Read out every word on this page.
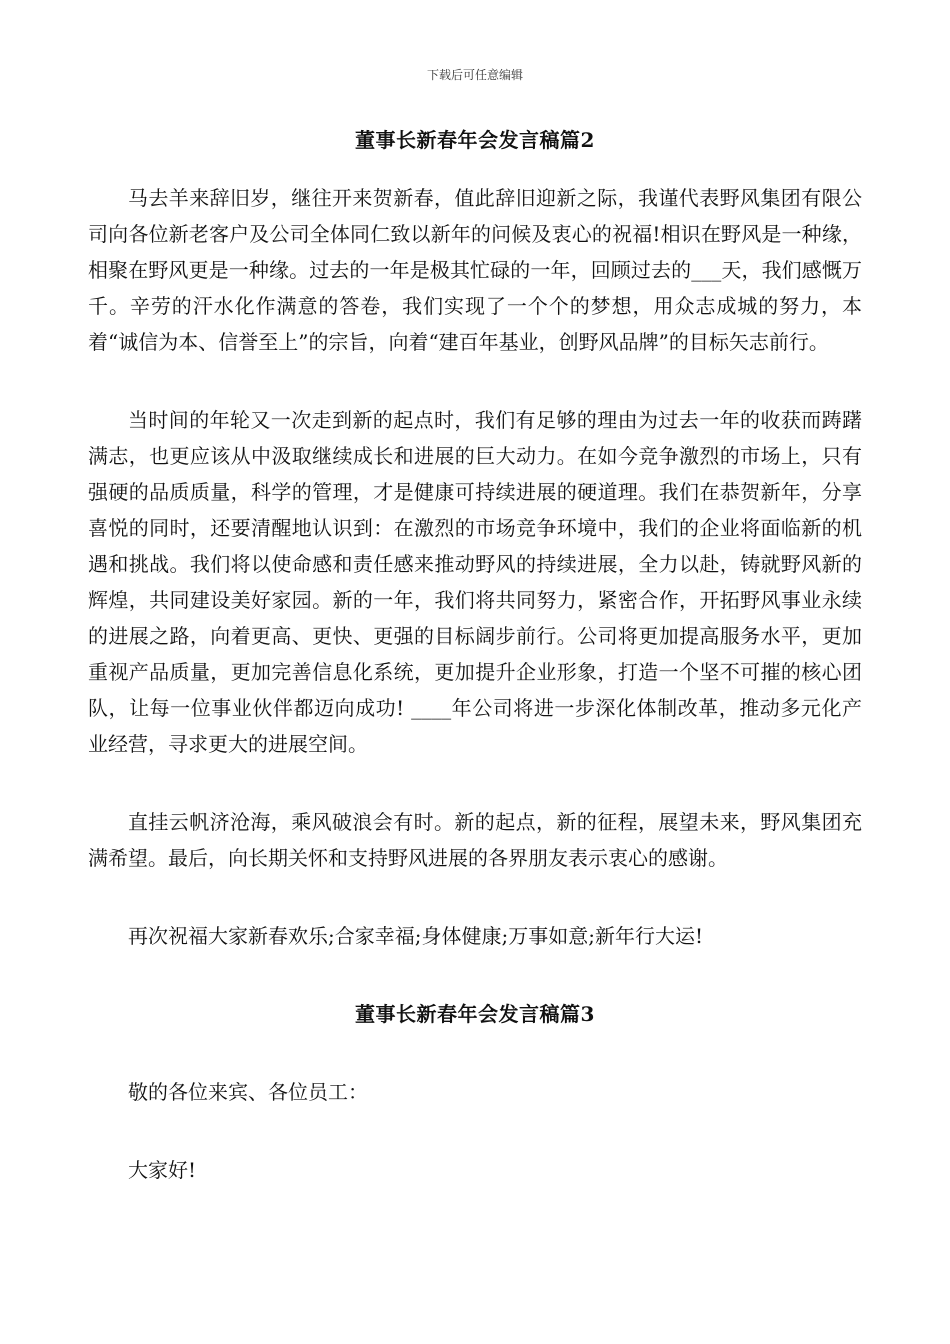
下载后可任意编辑
董事长新春年会发言稿篇2

马去羊来辞旧岁，继往开来贺新春，值此辞旧迎新之际，我谨代表野风集团有限公司向各位新老客户及公司全体同仁致以新年的问候及衷心的祝福!相识在野风是一种缘，相聚在野风更是一种缘。过去的一年是极其忙碌的一年，回顾过去的___天，我们感慨万千。辛劳的汗水化作满意的答卷，我们实现了一个个的梦想，用众志成城的努力，本着“诚信为本、信誉至上”的宗旨，向着“建百年基业，创野风品牌”的目标矢志前行。

当时间的年轮又一次走到新的起点时，我们有足够的理由为过去一年的收获而踌躇满志，也更应该从中汲取继续成长和进展的巨大动力。在如今竞争激烈的市场上，只有强硬的品质质量，科学的管理，才是健康可持续进展的硬道理。我们在恭贺新年，分享喜悦的同时，还要清醒地认识到：在激烈的市场竞争环境中，我们的企业将面临新的机遇和挑战。我们将以使命感和责任感来推动野风的持续进展，全力以赴，铸就野风新的辉煌，共同建设美好家园。新的一年，我们将共同努力，紧密合作，开拓野风事业永续的进展之路，向着更高、更快、更强的目标阔步前行。公司将更加提高服务水平，更加重视产品质量，更加完善信息化系统，更加提升企业形象，打造一个坚不可摧的核心团队，让每一位事业伙伴都迈向成功! ____年公司将进一步深化体制改革，推动多元化产业经营，寻求更大的进展空间。

直挂云帆济沧海，乘风破浪会有时。新的起点，新的征程，展望未来，野风集团充满希望。最后，向长期关怀和支持野风进展的各界朋友表示衷心的感谢。

再次祝福大家新春欢乐;合家幸福;身体健康;万事如意;新年行大运!

董事长新春年会发言稿篇3

敬的各位来宾、各位员工：

大家好!
